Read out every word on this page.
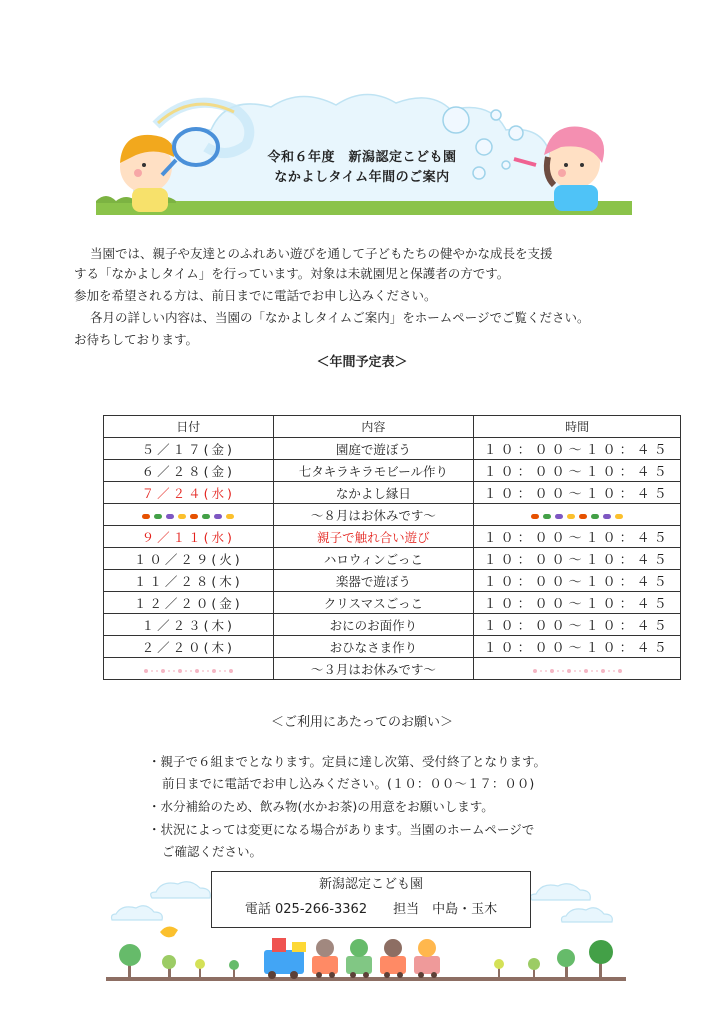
令和６年度　新潟認定こども園
なかよしタイム年間のご案内
当園では、親子や友達とのふれあい遊びを通して子どもたちの健やかな成長を支援
する「なかよしタイム」を行っています。対象は未就園児と保護者の方です。
参加を希望される方は、前日までに電話でお申し込みください。
各月の詳しい内容は、当園の「なかよしタイムご案内」をホームページでご覧ください。
お待ちしております。
＜年間予定表＞
日付	内容	時間
５／１７(金)	園庭で遊ぼう	１０：００〜１０：４５
６／２８(金)	七タキラキラモビール作り	１０：００〜１０：４５
７／２４(水)	なかよし縁日	１０：００〜１０：４５

	〜８月はお休みです〜	

９／１１(水)	親子で触れ合い遊び	１０：００〜１０：４５
１０／２９(火)	ハロウィンごっこ	１０：００〜１０：４５
１１／２８(木)	楽器で遊ぼう	１０：００〜１０：４５
１２／２０(金)	クリスマスごっこ	１０：００〜１０：４５
１／２３(木)	おにのお面作り	１０：００〜１０：４５
２／２０(木)	おひなさま作り	１０：００〜１０：４５

	〜３月はお休みです〜	
＜ご利用にあたってのお願い＞
・親子で６組までとなります。定員に達し次第、受付終了となります。
前日までに電話でお申し込みください。(１０：００〜１７：００)
・水分補給のため、飲み物(水かお茶)の用意をお願いします。
・状況によっては変更になる場合があります。当園のホームページで
ご確認ください。
新潟認定こども園
電話 025-266-3362　　担当　中島・玉木
